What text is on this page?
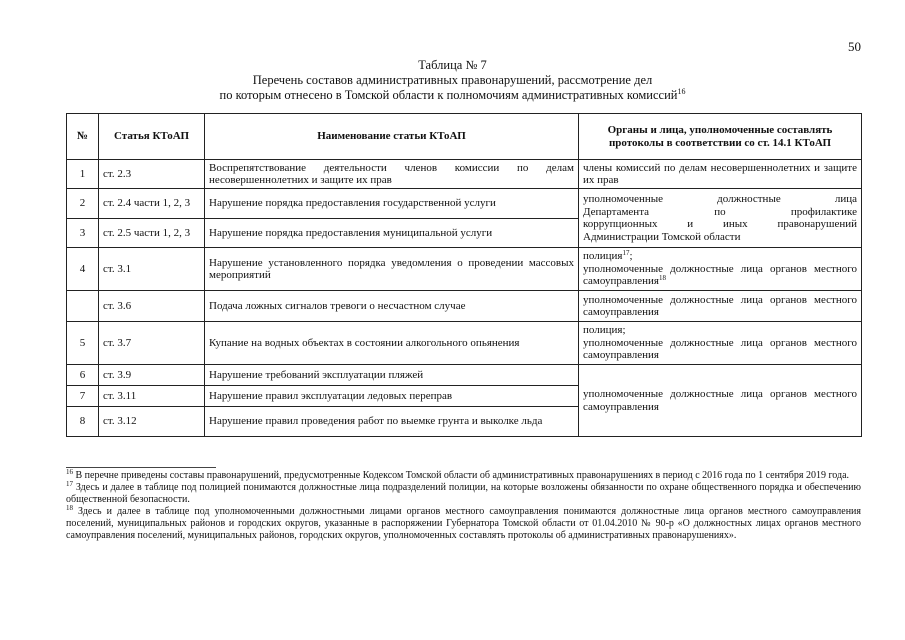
50
Таблица № 7
Перечень составов административных правонарушений, рассмотрение дел
по которым отнесено в Томской области к полномочиям административных комиссий$^{16}$
№	Статья КТоАП	Наименование статьи КТоАП	Органы и лица, уполномоченные составлять протоколы в соответствии со ст. 14.1 КТоАП
1	ст. 2.3	Воспрепятствование деятельности членов комиссии по делам несовершеннолетних и защите их прав	члены комиссий по делам несовершеннолетних и защите их прав
2	ст. 2.4 части 1, 2, 3	Нарушение порядка предоставления государственной услуги	уполномоченные должностные лица
Департамента по профилактике
коррупционных и иных правонарушений
Администрации Томской области

3	ст. 2.5 части 1, 2, 3	Нарушение порядка предоставления муниципальной услуги	
4	ст. 3.1	Нарушение установленного порядка уведомления о проведении массовых мероприятий	полиция$^{17}$;
уполномоченные должностные лица органов местного самоуправления$^{18}$

	ст. 3.6	Подача ложных сигналов тревоги о несчастном случае	уполномоченные должностные лица органов местного самоуправления
5	ст. 3.7	Купание на водных объектах в состоянии алкогольного опьянения	полиция;
уполномоченные должностные лица органов местного самоуправления

6	ст. 3.9	Нарушение требований эксплуатации пляжей	уполномоченные должностные лица органов местного самоуправления
7	ст. 3.11	Нарушение правил эксплуатации ледовых переправ	
8	ст. 3.12	Нарушение правил проведения работ по выемке грунта и выколке льда	

$^{16}$ В перечне приведены составы правонарушений, предусмотренные Кодексом Томской области об административных правонарушениях в период с 2016 года по 1 сентября 2019 года.

$^{17}$ Здесь и далее в таблице под полицией понимаются должностные лица подразделений полиции, на которые возложены обязанности по охране общественного порядка и обеспечению общественной безопасности.

$^{18}$ Здесь и далее в таблице под уполномоченными должностными лицами органов местного самоуправления понимаются должностные лица органов местного самоуправления поселений, муниципальных районов и городских округов, указанные в распоряжении Губернатора Томской области от 01.04.2010 № 90-р «О должностных лицах органов местного самоуправления поселений, муниципальных районов, городских округов, уполномоченных составлять протоколы об административных правонарушениях».
